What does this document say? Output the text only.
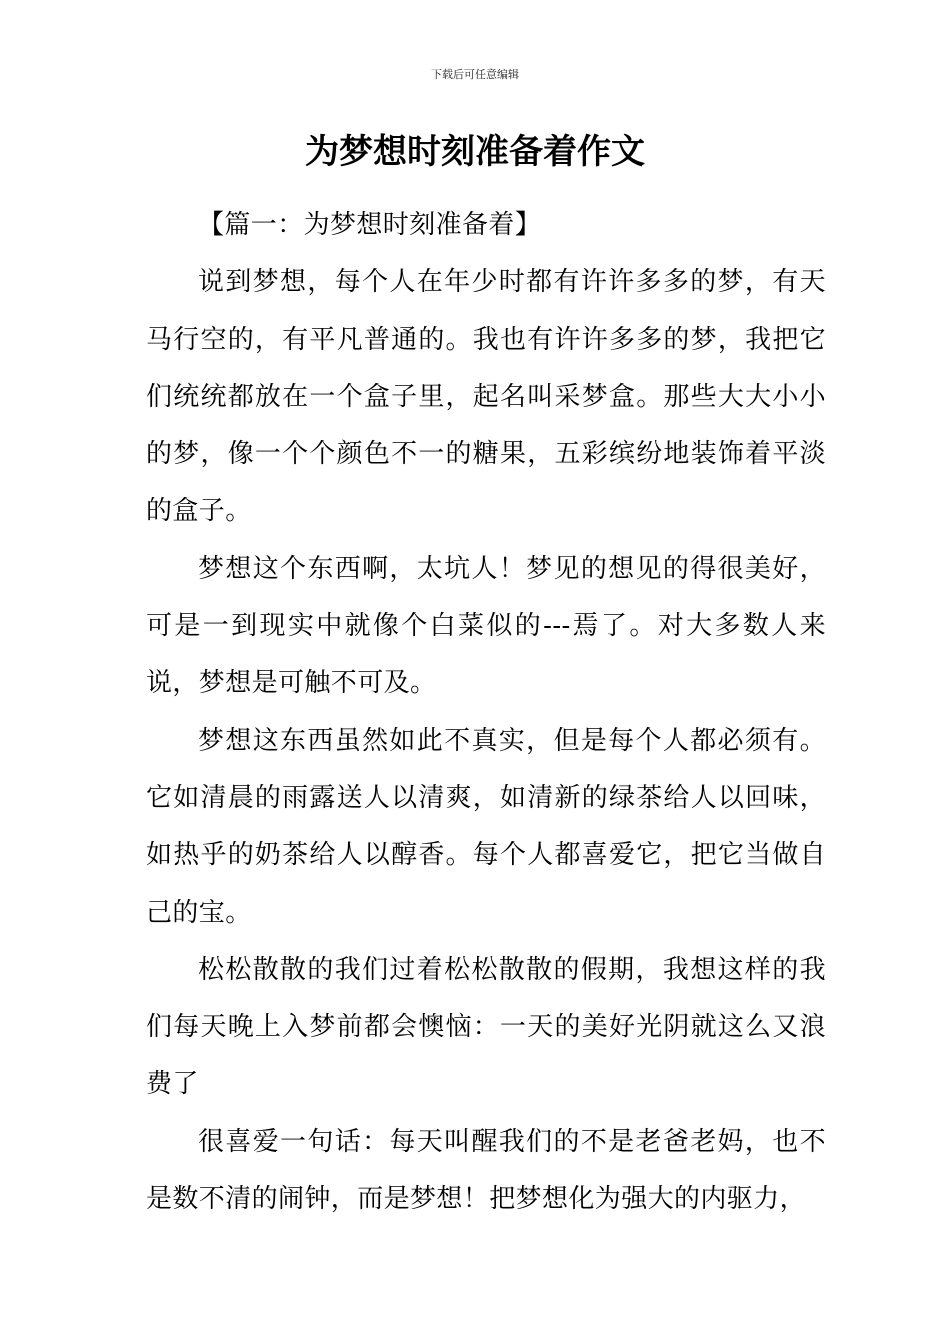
下载后可任意编辑
为梦想时刻准备着作文
【篇一：为梦想时刻准备着】

说到梦想，每个人在年少时都有许许多多的梦，有天马行空的，有平凡普通的。我也有许许多多的梦，我把它们统统都放在一个盒子里，起名叫采梦盒。那些大大小小的梦，像一个个颜色不一的糖果，五彩缤纷地装饰着平淡的盒子。

梦想这个东西啊，太坑人！梦见的想见的得很美好，可是一到现实中就像个白菜似的---焉了。对大多数人来说，梦想是可触不可及。

梦想这东西虽然如此不真实，但是每个人都必须有。它如清晨的雨露送人以清爽，如清新的绿茶给人以回味，如热乎的奶茶给人以醇香。每个人都喜爱它，把它当做自己的宝。

松松散散的我们过着松松散散的假期，我想这样的我们每天晚上入梦前都会懊恼：一天的美好光阴就这么又浪费了

很喜爱一句话：每天叫醒我们的不是老爸老妈，也不是数不清的闹钟，而是梦想！把梦想化为强大的内驱力，
